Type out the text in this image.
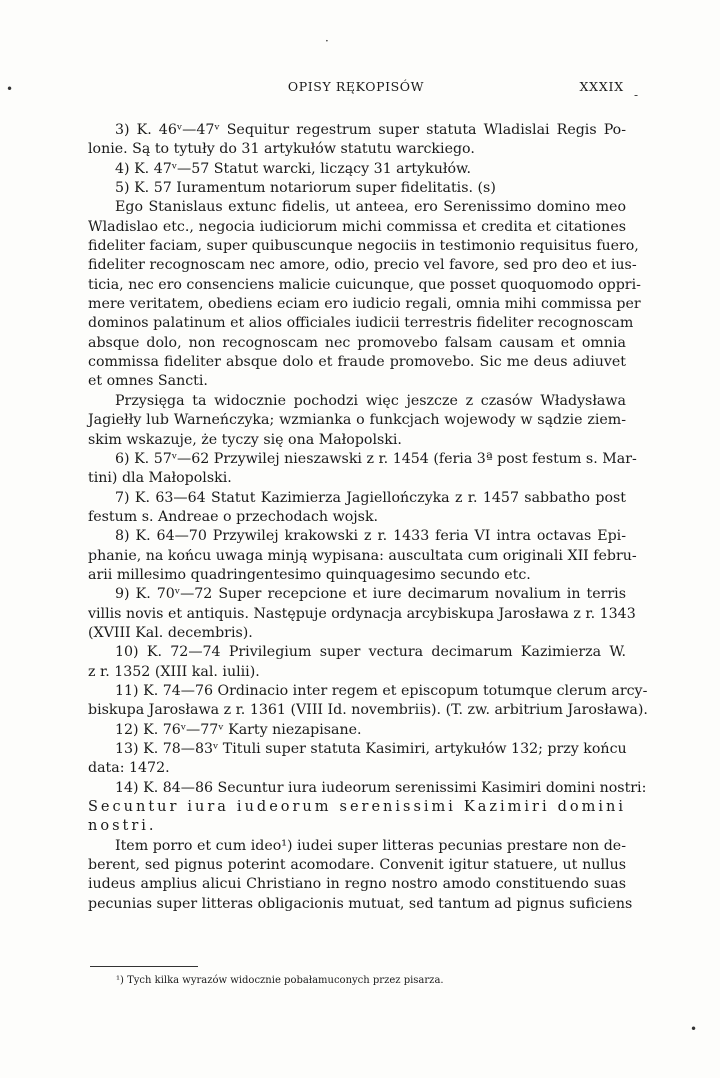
·
•	-
•
OPISY RĘKOPISÓW	XXXIX
3) K. 46ᵛ—47ᵛ Sequitur regestrum super statuta Wladislai Regis Po-
lonie. Są to tytuły do 31 artykułów statutu warckiego.
4) K. 47ᵛ—57 Statut warcki, liczący 31 artykułów.
5) K. 57 Iuramentum notariorum super fidelitatis. (s)
Ego Stanislaus extunc fidelis, ut anteea, ero Serenissimo domino meo
Wladislao etc., negocia iudiciorum michi commissa et credita et citationes
fideliter faciam, super quibuscunque negociis in testimonio requisitus fuero,
fideliter recognoscam nec amore, odio, precio vel favore, sed pro deo et ius-
ticia, nec ero consenciens malicie cuicunque, que posset quoquomodo oppri-
mere veritatem, obediens eciam ero iudicio regali, omnia mihi commissa per
dominos palatinum et alios officiales iudicii terrestris fideliter recognoscam
absque dolo, non recognoscam nec promovebo falsam causam et omnia
commissa fideliter absque dolo et fraude promovebo. Sic me deus adiuvet
et omnes Sancti.
Przysięga ta widocznie pochodzi więc jeszcze z czasów Władysława
Jagiełły lub Warneńczyka; wzmianka o funkcjach wojewody w sądzie ziem-
skim wskazuje, że tyczy się ona Małopolski.
6) K. 57ᵛ—62 Przywilej nieszawski z r. 1454 (feria 3ª post festum s. Mar-
tini) dla Małopolski.
7) K. 63—64 Statut Kazimierza Jagiellończyka z r. 1457 sabbatho post
festum s. Andreae o przechodach wojsk.
8) K. 64—70 Przywilej krakowski z r. 1433 feria VI intra octavas Epi-
phanie, na końcu uwaga minją wypisana: auscultata cum originali XII febru-
arii millesimo quadringentesimo quinquagesimo secundo etc.
9) K. 70ᵛ—72 Super recepcione et iure decimarum novalium in terris
villis novis et antiquis. Następuje ordynacja arcybiskupa Jarosława z r. 1343
(XVIII Kal. decembris).
10) K. 72—74 Privilegium super vectura decimarum Kazimierza W.
z r. 1352 (XIII kal. iulii).
11) K. 74—76 Ordinacio inter regem et episcopum totumque clerum arcy-
biskupa Jarosława z r. 1361 (VIII Id. novembriis). (T. zw. arbitrium Jarosława).
12) K. 76ᵛ—77ᵛ Karty niezapisane.
13) K. 78—83ᵛ Tituli super statuta Kasimiri, artykułów 132; przy końcu
data: 1472.
14) K. 84—86 Secuntur iura iudeorum serenissimi Kasimiri domini nostri:
Secuntur iura iudeorum serenissimi Kazimiri domini
nostri.
Item porro et cum ideo¹) iudei super litteras pecunias prestare non de-
berent, sed pignus poterint acomodare. Convenit igitur statuere, ut nullus
iudeus amplius alicui Christiano in regno nostro amodo constituendo suas
pecunias super litteras obligacionis mutuat, sed tantum ad pignus suficiens
¹) Tych kilka wyrazów widocznie pobałamuconych przez pisarza.
